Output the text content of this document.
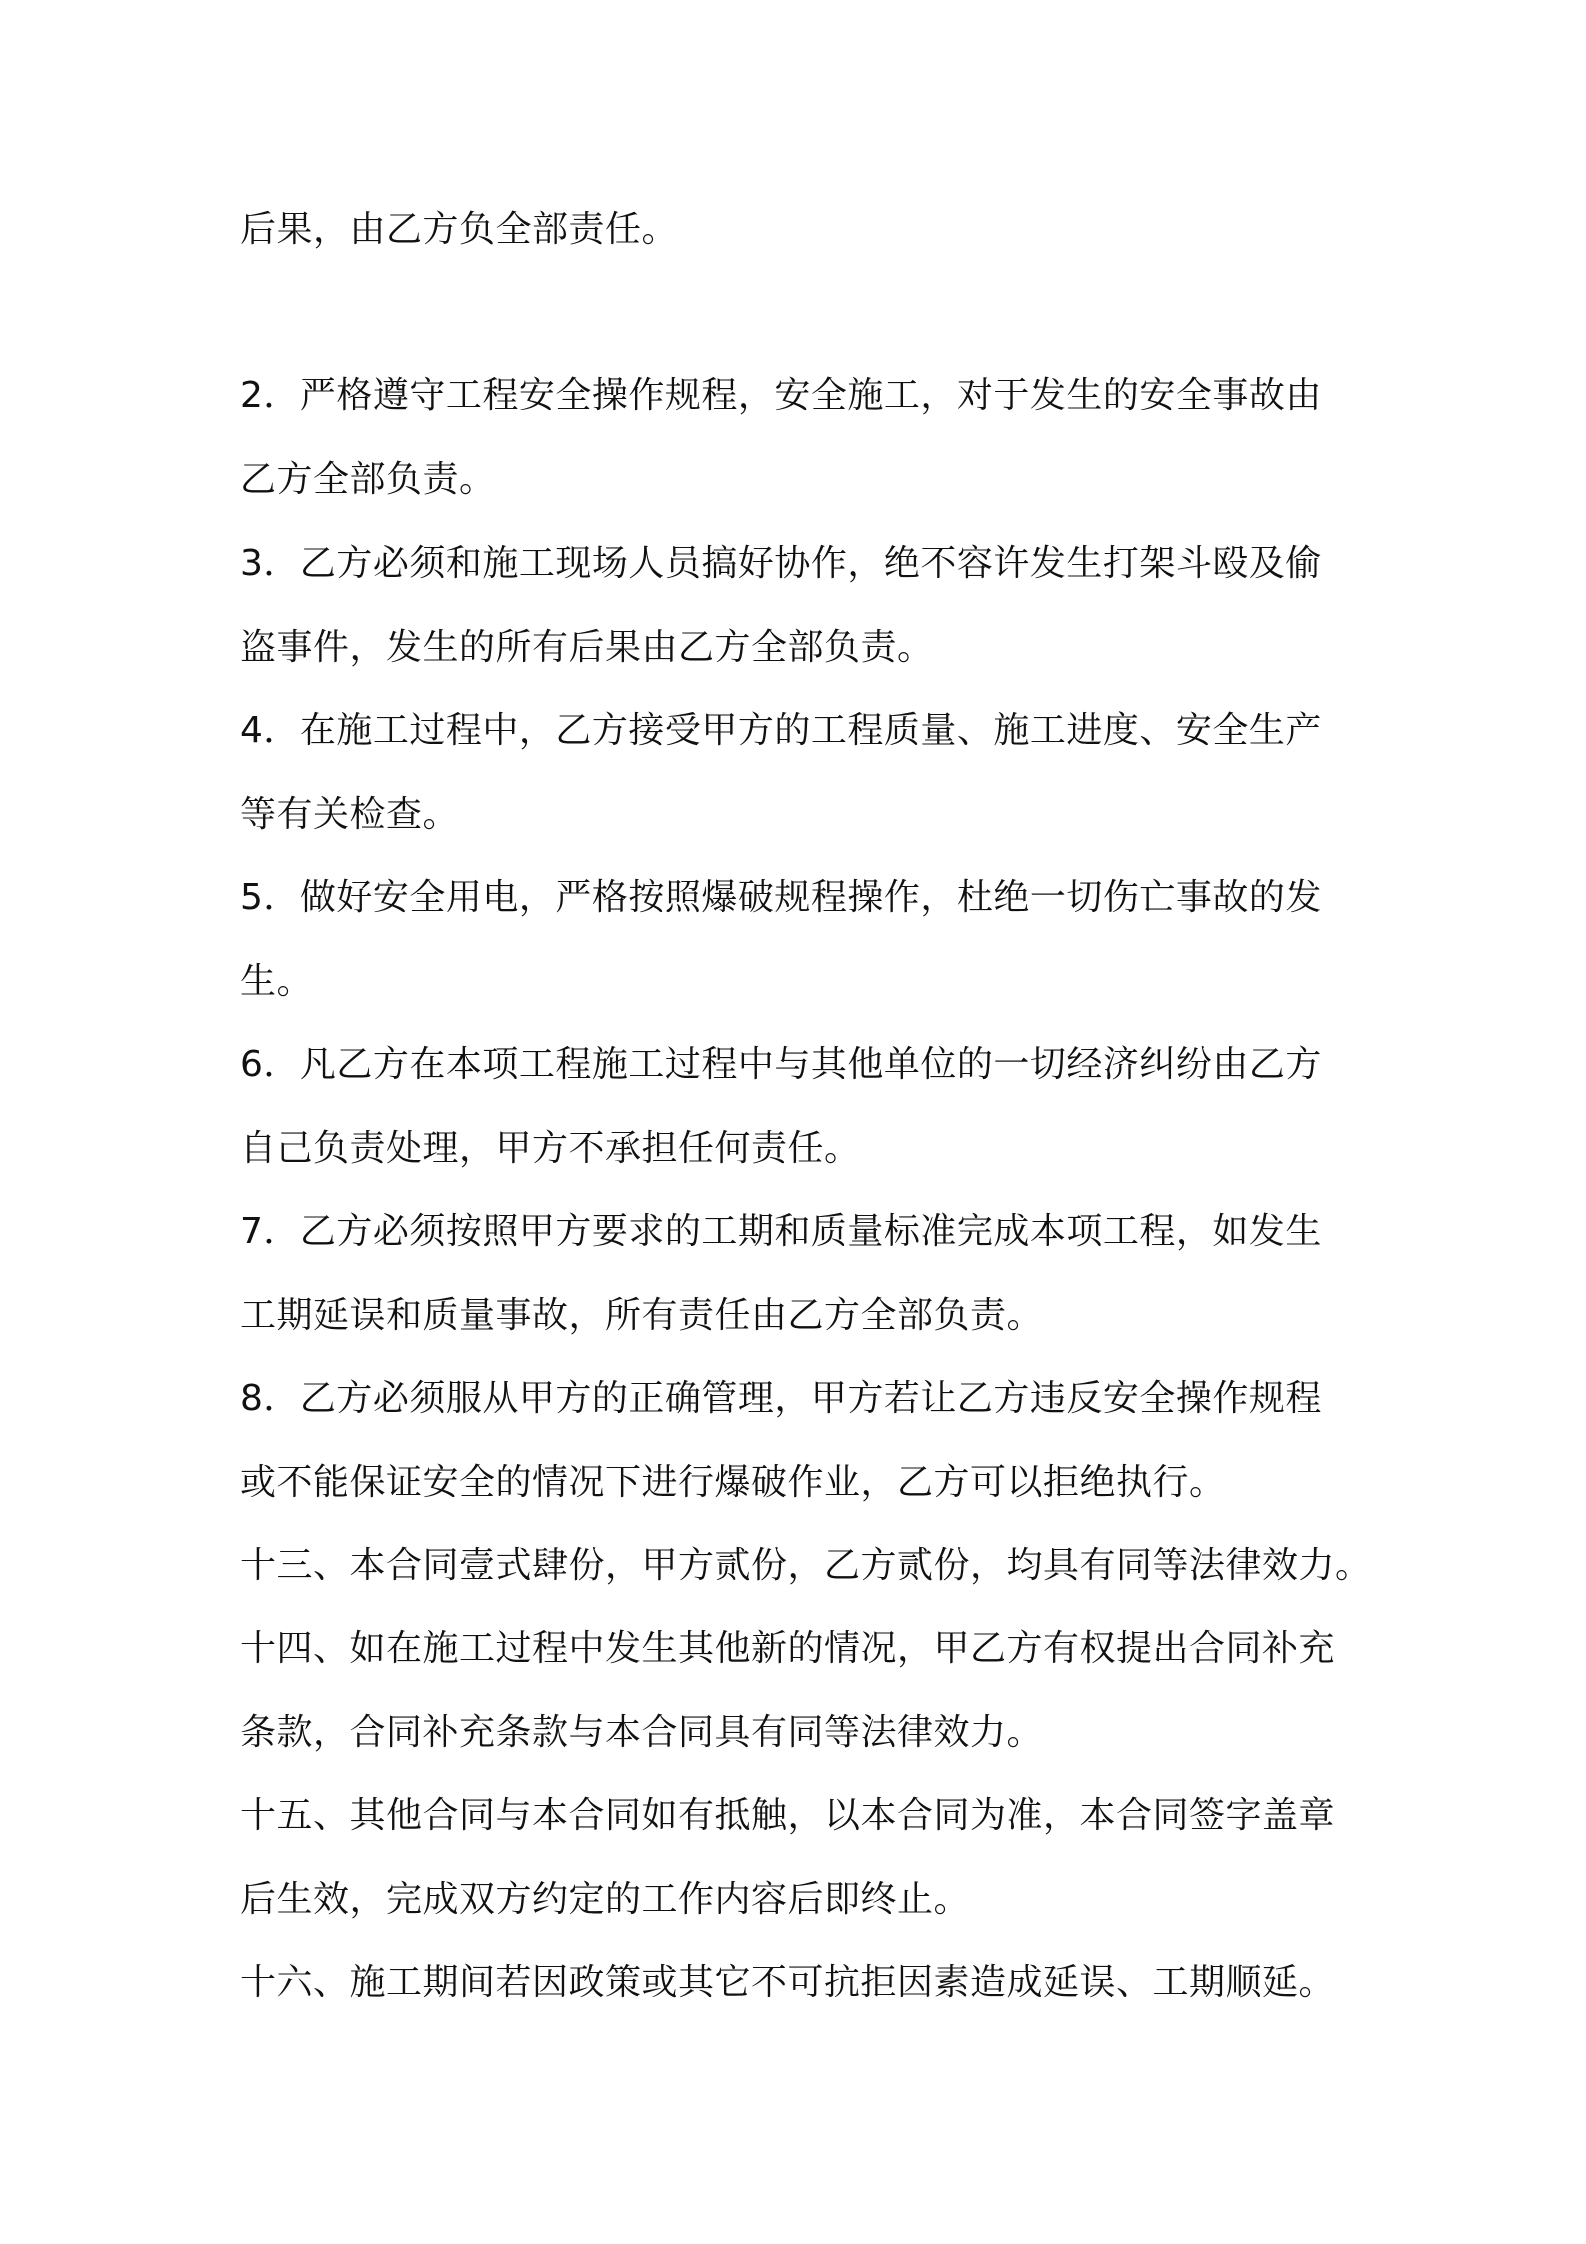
后果，由乙方负全部责任。

2．严格遵守工程安全操作规程，安全施工，对于发生的安全事故由
乙方全部负责。

3．乙方必须和施工现场人员搞好协作，绝不容许发生打架斗殴及偷
盗事件，发生的所有后果由乙方全部负责。

4．在施工过程中，乙方接受甲方的工程质量、施工进度、安全生产
等有关检查。

5．做好安全用电，严格按照爆破规程操作，杜绝一切伤亡事故的发
生。

6．凡乙方在本项工程施工过程中与其他单位的一切经济纠纷由乙方
自己负责处理，甲方不承担任何责任。

7．乙方必须按照甲方要求的工期和质量标准完成本项工程，如发生
工期延误和质量事故，所有责任由乙方全部负责。

8．乙方必须服从甲方的正确管理，甲方若让乙方违反安全操作规程
或不能保证安全的情况下进行爆破作业，乙方可以拒绝执行。

十三、本合同壹式肆份，甲方贰份，乙方贰份，均具有同等法律效力。

十四、如在施工过程中发生其他新的情况，甲乙方有权提出合同补充
条款，合同补充条款与本合同具有同等法律效力。

十五、其他合同与本合同如有抵触，以本合同为准，本合同签字盖章
后生效，完成双方约定的工作内容后即终止。

十六、施工期间若因政策或其它不可抗拒因素造成延误、工期顺延。
